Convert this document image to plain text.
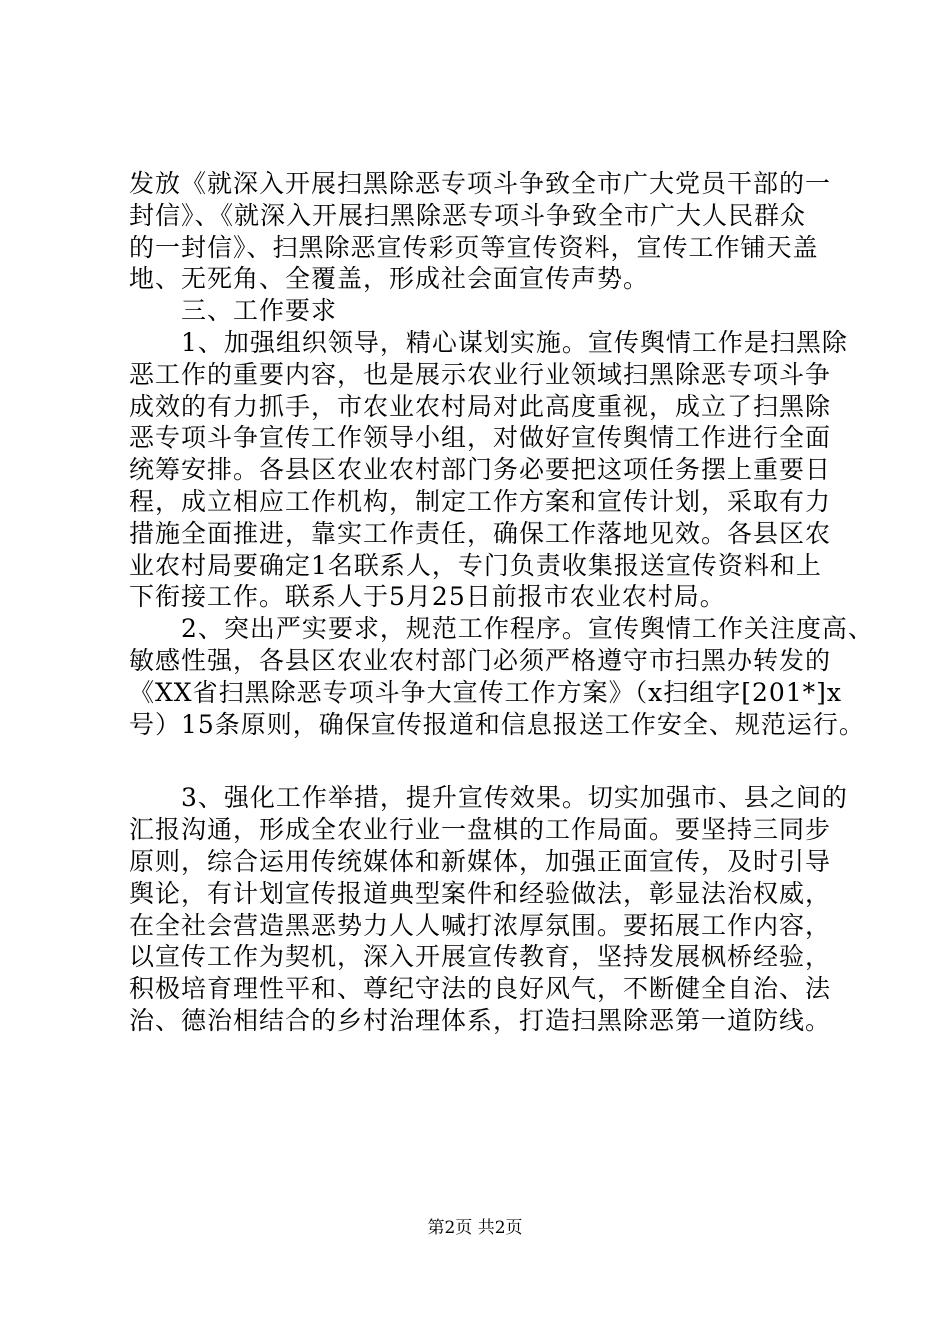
发放《就深入开展扫黑除恶专项斗争致全市广大党员干部的一
封信》、《就深入开展扫黑除恶专项斗争致全市广大人民群众
的一封信》、扫黑除恶宣传彩页等宣传资料，宣传工作铺天盖
地、无死角、全覆盖，形成社会面宣传声势。
　　三、工作要求
　　1、加强组织领导，精心谋划实施。宣传舆情工作是扫黑除
恶工作的重要内容，也是展示农业行业领域扫黑除恶专项斗争
成效的有力抓手，市农业农村局对此高度重视，成立了扫黑除
恶专项斗争宣传工作领导小组，对做好宣传舆情工作进行全面
统筹安排。各县区农业农村部门务必要把这项任务摆上重要日
程，成立相应工作机构，制定工作方案和宣传计划，采取有力
措施全面推进，靠实工作责任，确保工作落地见效。各县区农
业农村局要确定1名联系人，专门负责收集报送宣传资料和上
下衔接工作。联系人于5月25日前报市农业农村局。
　　2、突出严实要求，规范工作程序。宣传舆情工作关注度高、
敏感性强，各县区农业农村部门必须严格遵守市扫黑办转发的
《XX省扫黑除恶专项斗争大宣传工作方案》（x扫组字[201*]x
号）15条原则，确保宣传报道和信息报送工作安全、规范运行。
　　3、强化工作举措，提升宣传效果。切实加强市、县之间的
汇报沟通，形成全农业行业一盘棋的工作局面。要坚持三同步
原则，综合运用传统媒体和新媒体，加强正面宣传，及时引导
舆论，有计划宣传报道典型案件和经验做法，彰显法治权威，
在全社会营造黑恶势力人人喊打浓厚氛围。要拓展工作内容，
以宣传工作为契机，深入开展宣传教育，坚持发展枫桥经验，
积极培育理性平和、尊纪守法的良好风气，不断健全自治、法
治、德治相结合的乡村治理体系，打造扫黑除恶第一道防线。
第2页 共2页
